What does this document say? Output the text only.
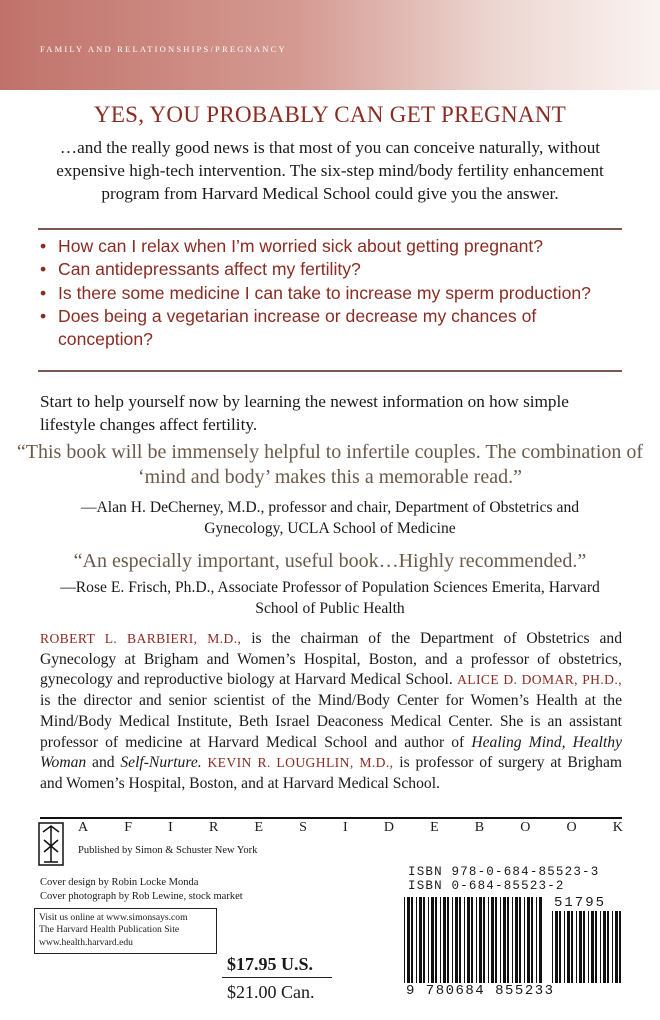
FAMILY AND RELATIONSHIPS/PREGNANCY
YES, YOU PROBABLY CAN GET PREGNANT
…and the really good news is that most of you can conceive naturally, without expensive high-tech intervention. The six-step mind/body fertility enhancement program from Harvard Medical School could give you the answer.
• How can I relax when I’m worried sick about getting pregnant?
• Can antidepressants affect my fertility?
• Is there some medicine I can take to increase my sperm production?
• Does being a vegetarian increase or decrease my chances of conception?
Start to help yourself now by learning the newest information on how simple lifestyle changes affect fertility.
“This book will be immensely helpful to infertile couples. The combination of ‘mind and body’ makes this a memorable read.”
—Alan H. DeCherney, M.D., professor and chair, Department of Obstetrics and Gynecology, UCLA School of Medicine
“An especially important, useful book…Highly recommended.”
—Rose E. Frisch, Ph.D., Associate Professor of Population Sciences Emerita, Harvard School of Public Health
ROBERT L. BARBIERI, M.D., is the chairman of the Department of Obstetrics and Gynecology at Brigham and Women’s Hospital, Boston, and a professor of obstetrics, gynecology and reproductive biology at Harvard Medical School. ALICE D. DOMAR, PH.D., is the director and senior scientist of the Mind/Body Center for Women’s Health at the Mind/Body Medical Institute, Beth Israel Deaconess Medical Center. She is an assistant professor of medicine at Harvard Medical School and author of Healing Mind, Healthy Woman and Self-Nurture. KEVIN R. LOUGHLIN, M.D., is professor of surgery at Brigham and Women’s Hospital, Boston, and at Harvard Medical School.
A	F	I	R	E	S	I	D	E	B	O	O	K
Published by Simon & Schuster New York
Cover design by Robin Locke Monda
Cover photograph by Rob Lewine, stock market
Visit us online at www.simonsays.com
The Harvard Health Publication Site
www.health.harvard.edu
$17.95 U.S.
$21.00 Can.
ISBN 978-0-684-85523-3
ISBN 0-684-85523-2
51795
9 780684 855233
